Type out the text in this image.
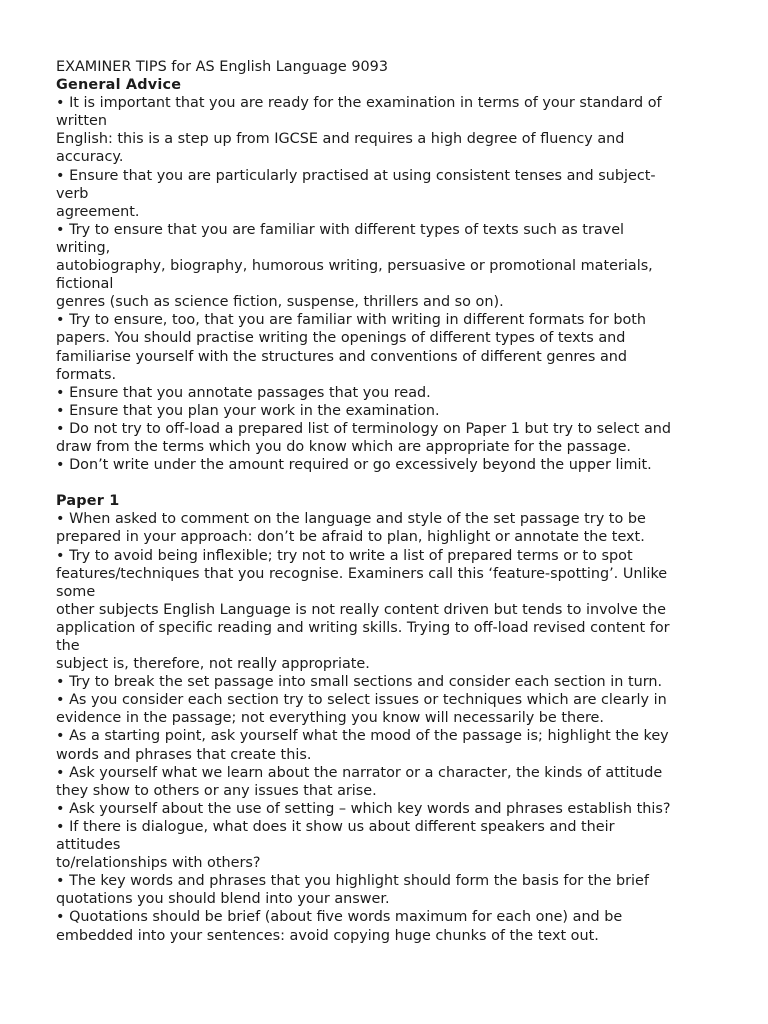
EXAMINER TIPS for AS English Language 9093
General Advice
• It is important that you are ready for the examination in terms of your standard of
written
English: this is a step up from IGCSE and requires a high degree of fluency and
accuracy.
• Ensure that you are particularly practised at using consistent tenses and subject-
verb
agreement.
• Try to ensure that you are familiar with different types of texts such as travel
writing,
autobiography, biography, humorous writing, persuasive or promotional materials,
fictional
genres (such as science fiction, suspense, thrillers and so on).
• Try to ensure, too, that you are familiar with writing in different formats for both
papers. You should practise writing the openings of different types of texts and
familiarise yourself with the structures and conventions of different genres and
formats.
• Ensure that you annotate passages that you read.
• Ensure that you plan your work in the examination.
• Do not try to off-load a prepared list of terminology on Paper 1 but try to select and
draw from the terms which you do know which are appropriate for the passage.
• Don’t write under the amount required or go excessively beyond the upper limit.
Paper 1
• When asked to comment on the language and style of the set passage try to be
prepared in your approach: don’t be afraid to plan, highlight or annotate the text.
• Try to avoid being inflexible; try not to write a list of prepared terms or to spot
features/techniques that you recognise. Examiners call this ‘feature-spotting’. Unlike
some
other subjects English Language is not really content driven but tends to involve the
application of specific reading and writing skills. Trying to off-load revised content for
the
subject is, therefore, not really appropriate.
• Try to break the set passage into small sections and consider each section in turn.
• As you consider each section try to select issues or techniques which are clearly in
evidence in the passage; not everything you know will necessarily be there.
• As a starting point, ask yourself what the mood of the passage is; highlight the key
words and phrases that create this.
• Ask yourself what we learn about the narrator or a character, the kinds of attitude
they show to others or any issues that arise.
• Ask yourself about the use of setting – which key words and phrases establish this?
• If there is dialogue, what does it show us about different speakers and their
attitudes
to/relationships with others?
• The key words and phrases that you highlight should form the basis for the brief
quotations you should blend into your answer.
• Quotations should be brief (about five words maximum for each one) and be
embedded into your sentences: avoid copying huge chunks of the text out.
